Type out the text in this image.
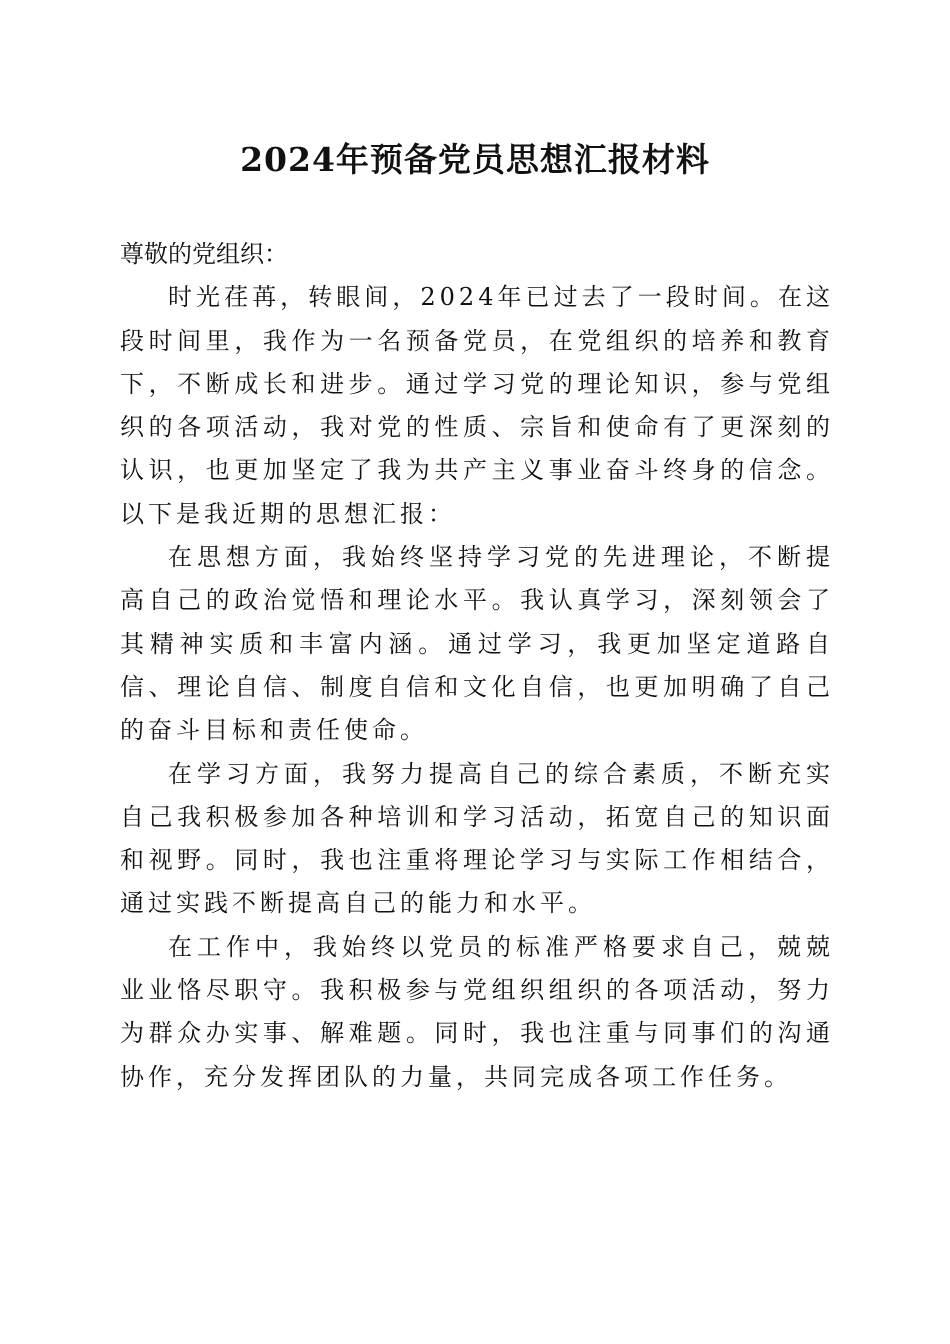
2024年预备党员思想汇报材料

尊敬的党组织：

时光荏苒，转眼间，2024年已过去了一段时间。在这段时间里，我作为一名预备党员，在党组织的培养和教育下，不断成长和进步。通过学习党的理论知识，参与党组织的各项活动，我对党的性质、宗旨和使命有了更深刻的认识，也更加坚定了我为共产主义事业奋斗终身的信念。以下是我近期的思想汇报：

在思想方面，我始终坚持学习党的先进理论，不断提高自己的政治觉悟和理论水平。我认真学习，深刻领会了其精神实质和丰富内涵。通过学习，我更加坚定道路自信、理论自信、制度自信和文化自信，也更加明确了自己的奋斗目标和责任使命。

在学习方面，我努力提高自己的综合素质，不断充实自己我积极参加各种培训和学习活动，拓宽自己的知识面和视野。同时，我也注重将理论学习与实际工作相结合，通过实践不断提高自己的能力和水平。

在工作中，我始终以党员的标准严格要求自己，兢兢业业恪尽职守。我积极参与党组织组织的各项活动，努力为群众办实事、解难题。同时，我也注重与同事们的沟通协作，充分发挥团队的力量，共同完成各项工作任务。
